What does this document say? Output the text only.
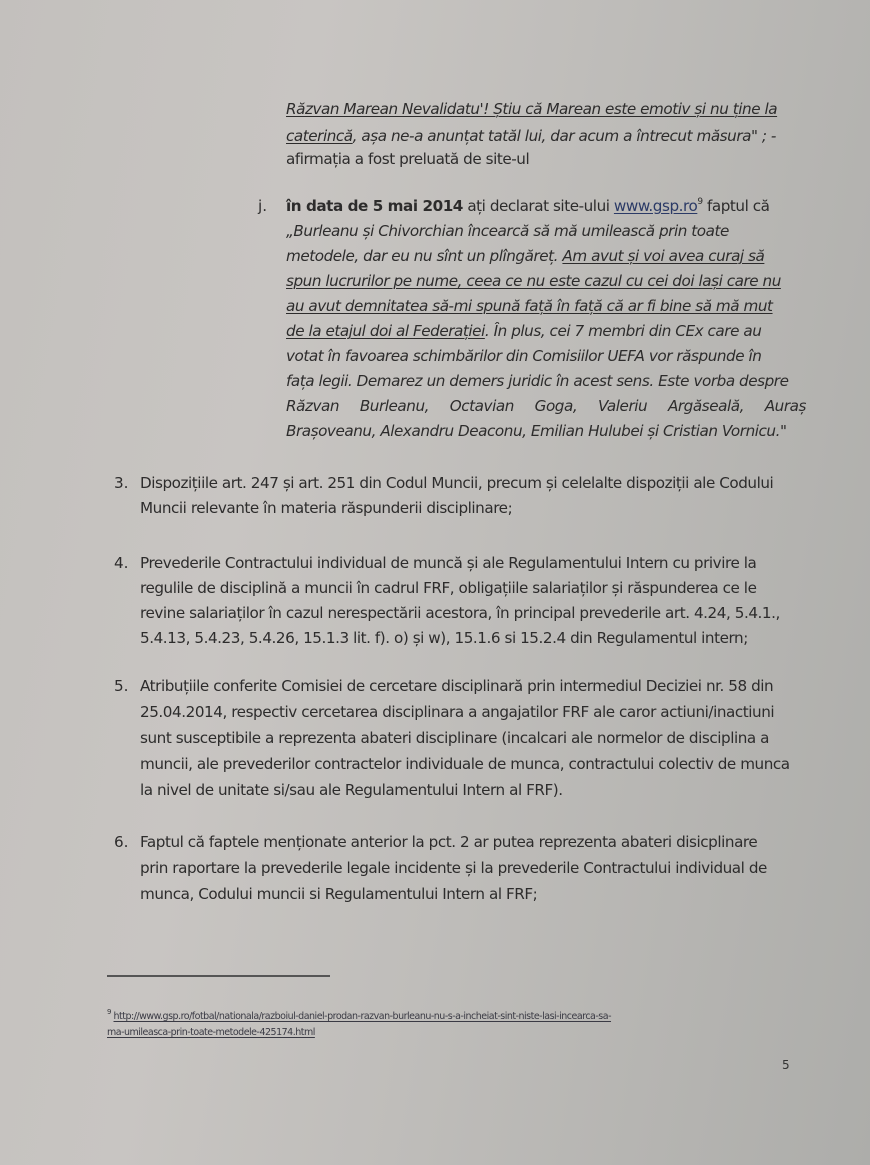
Răzvan Marean Nevalidatu'! Știu că Marean este emotiv și nu ține la
caterincă, așa ne-a anunțat tatăl lui, dar acum a întrecut măsura" ; -
afirmația a fost preluată de site-ul
j. în data de 5 mai 2014 ați declarat site-ului $www.gsp.ro^9$ faptul că
„Burleanu și Chivorchian încearcă să mă umilească prin toate
metodele, dar eu nu sînt un plîngăreț. Am avut și voi avea curaj să
spun lucrurilor pe nume, ceea ce nu este cazul cu cei doi lași care nu
au avut demnitatea să-mi spună față în față că ar fi bine să mă mut
de la etajul doi al Federației. În plus, cei 7 membri din CEx care au
votat în favoarea schimbărilor din Comisiilor UEFA vor răspunde în
fața legii. Demarez un demers juridic în acest sens. Este vorba despre
Răzvan Burleanu, Octavian Goga, Valeriu Argăseală, Auraș
Brașoveanu, Alexandru Deaconu, Emilian Hulubei și Cristian Vornicu."
3. Dispozițiile art. 247 și art. 251 din Codul Muncii, precum și celelalte dispoziții ale Codului
Muncii relevante în materia răspunderii disciplinare;
4. Prevederile Contractului individual de muncă și ale Regulamentului Intern cu privire la
regulile de disciplină a muncii în cadrul FRF, obligațiile salariaților și răspunderea ce le
revine salariaților în cazul nerespectării acestora, în principal prevederile art. 4.24, 5.4.1.,
5.4.13, 5.4.23, 5.4.26, 15.1.3 lit. f). o) și w), 15.1.6 si 15.2.4 din Regulamentul intern;
5. Atribuțiile conferite Comisiei de cercetare disciplinară prin intermediul Deciziei nr. 58 din
25.04.2014, respectiv cercetarea disciplinara a angajatilor FRF ale caror actiuni/inactiuni
sunt susceptibile a reprezenta abateri disciplinare (incalcari ale normelor de disciplina a
muncii, ale prevederilor contractelor individuale de munca, contractului colectiv de munca
la nivel de unitate si/sau ale Regulamentului Intern al FRF).
6. Faptul că faptele menționate anterior la pct. 2 ar putea reprezenta abateri disicplinare
prin raportare la prevederile legale incidente și la prevederile Contractului individual de
munca, Codului muncii si Regulamentului Intern al FRF;
$^9$ http://www.gsp.ro/fotbal/nationala/razboiul-daniel-prodan-razvan-burleanu-nu-s-a-incheiat-sint-niste-lasi-incearca-sa-
ma-umileasca-prin-toate-metodele-425174.html
5
